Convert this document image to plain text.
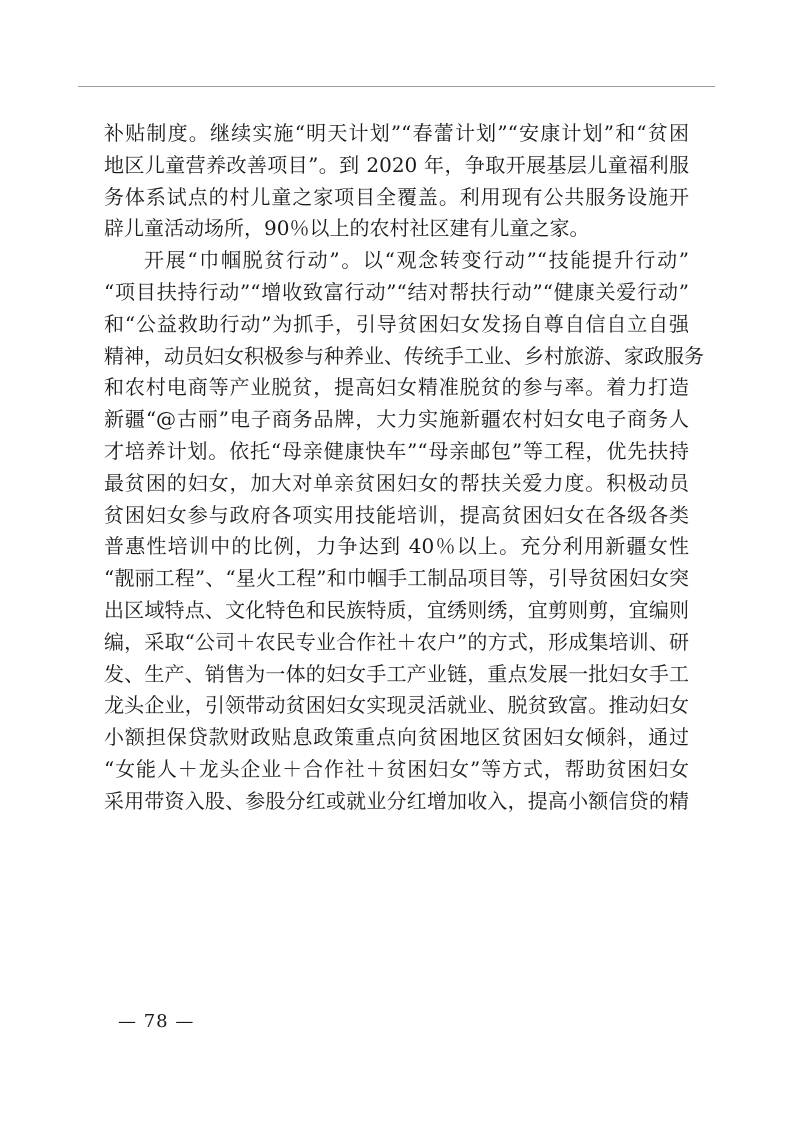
补贴制度。继续实施“明天计划”“春蕾计划”“安康计划”和“贫困
地区儿童营养改善项目”。到 2020 年，争取开展基层儿童福利服
务体系试点的村儿童之家项目全覆盖。利用现有公共服务设施开
辟儿童活动场所，90％以上的农村社区建有儿童之家。
开展“巾帼脱贫行动”。以“观念转变行动”“技能提升行动”
“项目扶持行动”“增收致富行动”“结对帮扶行动”“健康关爱行动”
和“公益救助行动”为抓手，引导贫困妇女发扬自尊自信自立自强
精神，动员妇女积极参与种养业、传统手工业、乡村旅游、家政服务
和农村电商等产业脱贫，提高妇女精准脱贫的参与率。着力打造
新疆“@古丽”电子商务品牌，大力实施新疆农村妇女电子商务人
才培养计划。依托“母亲健康快车”“母亲邮包”等工程，优先扶持
最贫困的妇女，加大对单亲贫困妇女的帮扶关爱力度。积极动员
贫困妇女参与政府各项实用技能培训，提高贫困妇女在各级各类
普惠性培训中的比例，力争达到 40％以上。充分利用新疆女性
“靓丽工程”、“星火工程”和巾帼手工制品项目等，引导贫困妇女突
出区域特点、文化特色和民族特质，宜绣则绣，宜剪则剪，宜编则
编，采取“公司＋农民专业合作社＋农户”的方式，形成集培训、研
发、生产、销售为一体的妇女手工产业链，重点发展一批妇女手工
龙头企业，引领带动贫困妇女实现灵活就业、脱贫致富。推动妇女
小额担保贷款财政贴息政策重点向贫困地区贫困妇女倾斜，通过
“女能人＋龙头企业＋合作社＋贫困妇女”等方式，帮助贫困妇女
采用带资入股、参股分红或就业分红增加收入，提高小额信贷的精
— 78 —
